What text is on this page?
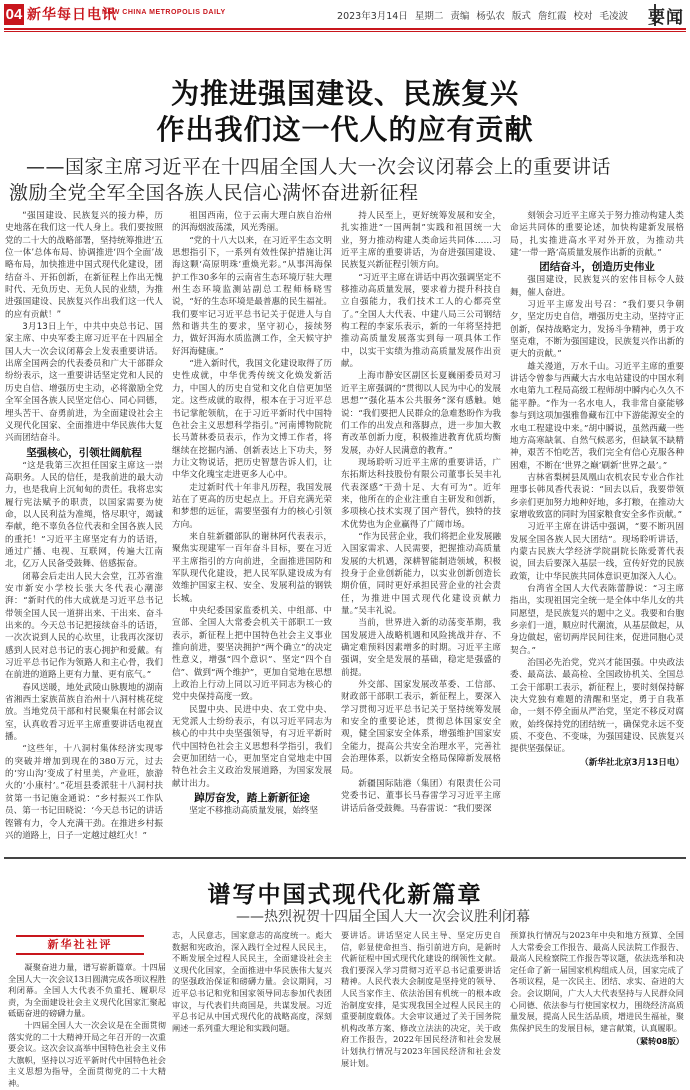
04 新华每日电讯
NEW CHINA METROPOLIS DAILY	2023年3月14日 星期二 责编 杨弘农 版式 詹红霞 校对 毛凌波 要闻
为推进强国建设、民族复兴
作出我们这一代人的应有贡献
——国家主席习近平在十四届全国人大一次会议闭幕会上的重要讲话
激励全党全军全国各族人民信心满怀奋进新征程

“强国建设、民族复兴的接力棒，历史地落在我们这一代人身上。我们要按照党的二十大的战略部署，坚持统筹推进‘五位一体’总体布局、协调推进‘四个全面’战略布局，加快推进中国式现代化建设，团结奋斗、开拓创新，在新征程上作出无愧时代、无负历史、无负人民的业绩，为推进强国建设、民族复兴作出我们这一代人的应有贡献！”

3月13日上午，中共中央总书记、国家主席、中央军委主席习近平在十四届全国人大一次会议闭幕会上发表重要讲话。出席全国两会的代表委员和广大干部群众纷纷表示，这一重要讲话坚定党和人民的历史自信、增强历史主动，必将激励全党全军全国各族人民坚定信心、同心同德，埋头苦干、奋勇前进，为全面建设社会主义现代化国家、全面推进中华民族伟大复兴而团结奋斗。

坚强核心，引领壮阔航程

“这是我第三次担任国家主席这一崇高职务。人民的信任，是我前进的最大动力，也是我肩上沉甸甸的责任。我将忠实履行宪法赋予的职责，以国家需要为使命，以人民利益为准绳，恪尽职守，竭诚奉献，绝不辜负各位代表和全国各族人民的重托！”习近平主席坚定有力的话语，通过广播、电视、互联网，传遍大江南北，亿万人民备受鼓舞、倍感振奋。

闭幕会后走出人民大会堂，江苏省淮安市新安小学校长张大冬代表心潮澎湃：“新时代的伟大成就是习近平总书记带领全国人民一道拼出来、干出来、奋斗出来的。今天总书记把接续奋斗的话语，一次次说到人民的心坎里，让我再次深切感到人民对总书记的衷心拥护和爱戴。有习近平总书记作为领路人和主心骨，我们在前进的道路上更有力量、更有底气。”

春风送暖，地处武陵山脉腹地的湖南省湘西土家族苗族自治州十八洞村桃花绽放。当地党员干部和村民聚集在村部会议室，认真收看习近平主席重要讲话电视直播。

“这些年，十八洞村集体经济实现零的突破并增加到现在的380万元，过去的‘穷山沟’变成了村里美，产业旺，旅游火的‘小康村’。”花垣县委派驻十八洞村扶贫第一书记施金通说：“乡村振兴工作队员、第一书记田晓说：‘今天总书记的讲话铿锵有力，令人充满干劲。在推进乡村振兴的道路上，日子一定越过越红火！”

祖国西南，位于云南大理白族自治州的洱海烟波荡漾，风光秀丽。

“党的十八大以来，在习近平生态文明思想指引下，一系列有效性保护措施让洱海这颗‘高原明珠’重焕光彩。”从事洱海保护工作30多年的云南省生态环境厅驻大理州生态环境监测站副总工程师杨晓雪说，“好的生态环境是最普惠的民生福祉。我们要牢记习近平总书记关于促进人与自然和谐共生的要求，坚守初心，接续努力，做好洱海水质监测工作，全天候守护好洱海健康。”

“进入新时代，我国文化建设取得了历史性成就，中华优秀传统文化焕发新活力，中国人的历史自觉和文化自信更加坚定。这些成就的取得，根本在于习近平总书记掌舵领航，在于习近平新时代中国特色社会主义思想科学指引。”河南博物院院长马萧林委员表示，作为文博工作者，将继续在挖掘内涵、创新表达上下功夫，努力让文物说话，把历史智慧告诉人们，让中华文化瑰宝走进更多人心中。

走过新时代十年非凡历程，我国发展站在了更高的历史起点上。开启充满光荣和梦想的远征，需要坚强有力的核心引领方向。

来自驻新疆部队的谢林阿代表表示，聚焦实现建军一百年奋斗目标，要在习近平主席指引的方向前进，全面推进国防和军队现代化建设，把人民军队建设成为有效维护国家主权、安全、发展利益的钢铁长城。

中央纪委国家监委机关、中组部、中宣部、全国人大常委会机关干部职工一致表示，新征程上把中国特色社会主义事业推向前进，要坚决拥护“两个确立”的决定性意义，增强“四个意识”、坚定“四个自信”、做到“两个维护”，更加自觉地在思想上政治上行动上同以习近平同志为核心的党中央保持高度一致。

民盟中央、民进中央、农工党中央、无党派人士纷纷表示，有以习近平同志为核心的中共中央坚强领导，有习近平新时代中国特色社会主义思想科学指引，我们会更加团结一心，更加坚定自觉地走中国特色社会主义政治发展道路，为国家发展献计出力。

踔厉奋发，踏上新新征途

坚定不移推动高质量发展，始终坚

持人民至上，更好统筹发展和安全，扎实推进“一国两制”实践和祖国统一大业，努力推动构建人类命运共同体……习近平主席的重要讲话，为奋进强国建设、民族复兴新征程引领方向。

“习近平主席在讲话中再次强调坚定不移推动高质量发展，要求着力提升科技自立自强能力，我们技术工人的心都亮堂了。”全国人大代表、中建八局三公司钢结构工程的李家乐表示，新的一年将坚持把推动高质量发展落实到每一项具体工作中，以实干实绩为推动高质量发展作出贡献。

上海市静安区副区长夏巍丽委员对习近平主席强调的“贯彻以人民为中心的发展思想”“强化基本公共服务”深有感触。她说：“我们要把人民群众的急难愁盼作为我们工作的出发点和落脚点，进一步加大教育改革创新力度，积极推进教育优质均衡发展，办好人民满意的教育。”

现场聆听习近平主席的重要讲话，广东拓斯达科技股份有限公司董事长吴丰礼代表深感“干劲十足、大有可为”。近年来，他所在的企业注重自主研发和创新，多项核心技术实现了国产替代，独特的技术优势也为企业赢得了广阔市场。

“作为民营企业，我们将把企业发展融入国家需求、人民需要，把握推动高质量发展的大机遇，深耕智能制造领域，积极投身于企业创新能力，以实业创新创造长期价值，同时更好承担民营企业的社会责任，为推进中国式现代化建设贡献力量。”吴丰礼说。

当前，世界进入新的动荡变革期，我国发展进入战略机遇和风险挑战并存、不确定难预料因素增多的时期。习近平主席强调，安全是发展的基础，稳定是强盛的前提。

外交部、国家发展改革委、工信部、财政部干部职工表示，新征程上，要深入学习贯彻习近平总书记关于坚持统筹发展和安全的重要论述，贯彻总体国家安全观，健全国家安全体系，增强维护国家安全能力，提高公共安全治理水平，完善社会治理体系，以新安全格局保障新发展格局。

新疆国际陆港（集团）有限责任公司党委书记、董事长马春雷学习习近平主席讲话后备受鼓舞。马春雷说：“我们要深

刻领会习近平主席关于努力推动构建人类命运共同体的重要论述，加快构建新发展格局，扎实推进高水平对外开放，为推动共建‘一带一路’高质量发展作出新的贡献。”

团结奋斗，创造历史伟业

强国建设，民族复兴的宏伟目标令人鼓舞，催人奋进。

习近平主席发出号召：“我们要只争朝夕，坚定历史自信，增强历史主动，坚持守正创新，保持战略定力，发扬斗争精神，勇于攻坚克难，不断为强国建设，民族复兴作出新的更大的贡献。”

雄关漫道，万水千山。习近平主席的重要讲话令曾参与西藏大古水电站建设的中国水利水电第九工程局高级工程师胡中瞬内心久久不能平静。“作为一名水电人，我非常自豪能够参与到这项加强雅鲁藏布江中下游能源安全的水电工程建设中来。”胡中瞬说，虽然西藏一些地方高寒缺氧、自然气候恶劣，但缺氧不缺精神，艰苦不怕吃苦，我们完全有信心克服各种困难，不断在‘世界之巅’刷新‘世界之最’。”

吉林省梨树县凤凰山农机农民专业合作社理事长韩凤香代表说：“回去以后，我要带领乡亲们更加努力地种好地，多打粮，在推动大家增收致富的同时为国家粮食安全多作贡献。”

习近平主席在讲话中强调，“要不断巩固发展全国各族人民大团结”。现场聆听讲话，内蒙古民族大学经济学院副院长陈爱菁代表说，回去后要深入基层一线，宣传好党的民族政策，让中华民族共同体意识更加深入人心。

台湾省全国人大代表陈蕾静说：“习主席指出，实现祖国完全统一是全体中华儿女的共同愿望，是民族复兴的题中之义。我要和台胞乡亲们一道，顺应时代潮流，从基层做起，从身边做起，密切两岸民间往来，促进同胞心灵契合。”

治国必先治党，党兴才能国强。中央政法委、最高法、最高检、全国政协机关、全国总工会干部职工表示，新征程上，要时刻保持解决大党独有难题的清醒和坚定，勇于自我革命，一刻不停全面从严治党，坚定不移反对腐败，始终保持党的团结统一，确保党永远不变质、不变色、不变味，为强国建设、民族复兴提供坚强保证。

（新华社北京3月13日电）

谱写中国式现代化新篇章
——热烈祝贺十四届全国人大一次会议胜利闭幕
新华社社评

凝聚奋进力量，谱写崭新篇章。十四届全国人大一次会议13日圆满完成各项议程胜利闭幕。全国人大代表不负重托、履职尽责，为全面建设社会主义现代化国家汇聚起砥砺奋进的磅礴力量。

十四届全国人大一次会议是在全面贯彻落实党的二十大精神开局之年召开的一次重要会议。这次会议高举中国特色社会主义伟大旗帜，坚持以习近平新时代中国特色社会主义思想为指导，全面贯彻党的二十大精神。

志，人民意志，国家意志的高度统一。彪大数据和宪政治，深入践行全过程人民民主，不断发展全过程人民民主，全面建设社会主义现代化国家，全面推进中华民族伟大复兴的坚强政治保证和磅礴力量。会议期间，习近平总书记和党和国家领导同志参加代表团审议，与代表们共商国是，共谋发展。习近平总书记从中国式现代化的战略高度，深刻阐述一系列重大理论和实践问题。

要讲话。讲话坚定人民主导、坚定历史自信，彰显使命担当、指引前进方向，是新时代新征程中国式现代化建设的纲领性文献。我们要深入学习贯彻习近平总书记重要讲话精神。人民代表大会制度是坚持党的领导、人民当家作主、依法治国有机统一的根本政治制度安排，是实现我国全过程人民民主的重要制度载体。大会审议通过了关于国务院机构改革方案、修改立法法的决定，关于政府工作报告，2022年国民经济和社会发展计划执行情况与2023年国民经济和社会发展计划。

预算执行情况与2023年中央和地方预算、全国人大常委会工作报告、最高人民法院工作报告、最高人民检察院工作报告等议题，依法选举和决定任命了新一届国家机构组成人员，国家完成了各项议程，是一次民主、团结、求实、奋进的大会。会议期间，广大人大代表坚持与人民群众同心同德、依法参与行使国家权力，围绕经济高质量发展，提高人民生活品质，增进民生福祉，聚焦保护民生的发展目标，建言献策，认真履职。

（紧转08版）
